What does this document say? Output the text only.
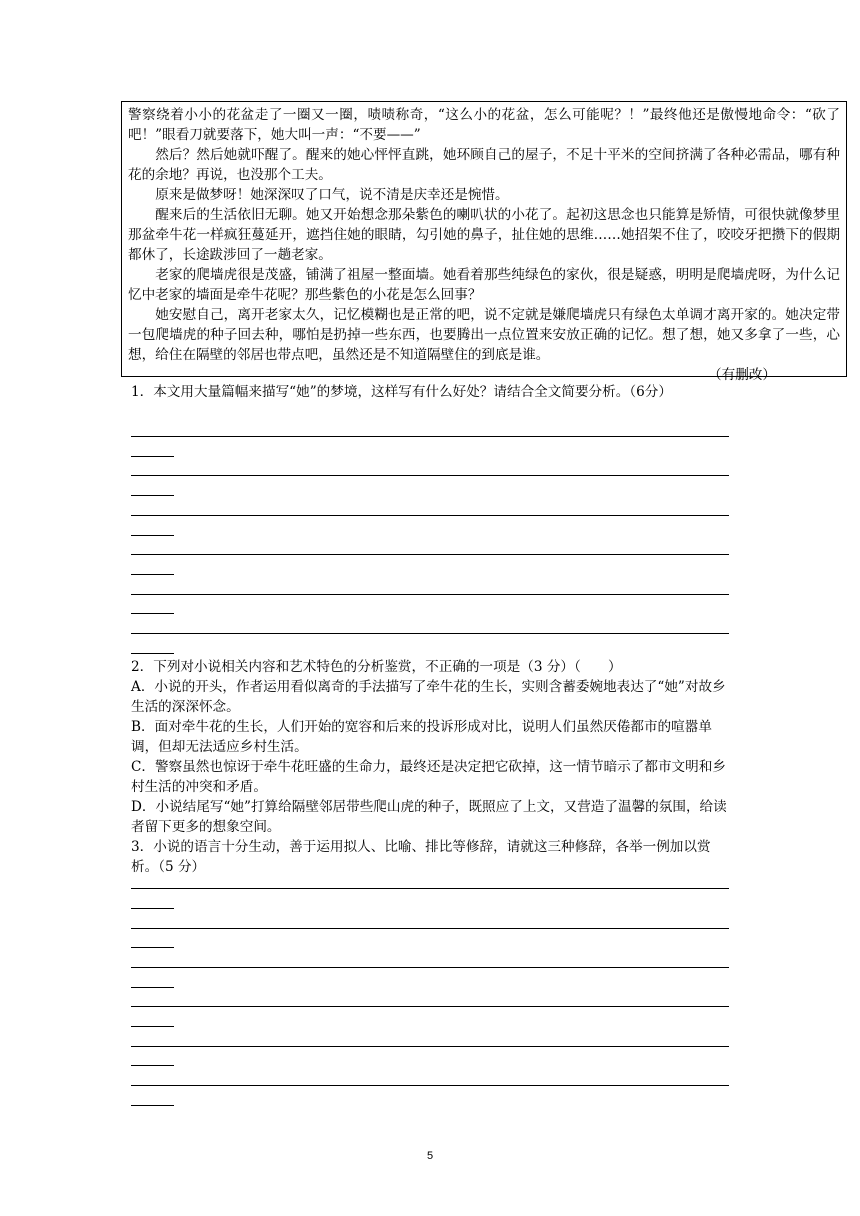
警察绕着小小的花盆走了一圈又一圈，啧啧称奇，“这么小的花盆，怎么可能呢？！”最终他还是傲慢地命令：“砍了吧！”眼看刀就要落下，她大叫一声：“不要——”

然后？然后她就吓醒了。醒来的她心怦怦直跳，她环顾自己的屋子，不足十平米的空间挤满了各种必需品，哪有种花的余地？再说，也没那个工夫。

原来是做梦呀！她深深叹了口气，说不清是庆幸还是惋惜。

醒来后的生活依旧无聊。她又开始想念那朵紫色的喇叭状的小花了。起初这思念也只能算是矫情，可很快就像梦里那盆牵牛花一样疯狂蔓延开，遮挡住她的眼睛，勾引她的鼻子，扯住她的思维……她招架不住了，咬咬牙把攒下的假期都休了，长途跋涉回了一趟老家。

老家的爬墙虎很是茂盛，铺满了祖屋一整面墙。她看着那些纯绿色的家伙，很是疑惑，明明是爬墙虎呀，为什么记忆中老家的墙面是牵牛花呢？那些紫色的小花是怎么回事？

她安慰自己，离开老家太久，记忆模糊也是正常的吧，说不定就是嫌爬墙虎只有绿色太单调才离开家的。她决定带一包爬墙虎的种子回去种，哪怕是扔掉一些东西，也要腾出一点位置来安放正确的记忆。想了想，她又多拿了一些，心想，给住在隔壁的邻居也带点吧，虽然还是不知道隔壁住的到底是谁。

（有删改）

1．本文用大量篇幅来描写“她”的梦境，这样写有什么好处？请结合全文简要分析。（6分）

2．下列对小说相关内容和艺术特色的分析鉴赏，不正确的一项是（3 分）（　　）
A．小说的开头，作者运用看似离奇的手法描写了牵牛花的生长，实则含蓄委婉地表达了“她”对故乡生活的深深怀念。
B．面对牵牛花的生长，人们开始的宽容和后来的投诉形成对比，说明人们虽然厌倦都市的喧嚣单调，但却无法适应乡村生活。
C．警察虽然也惊讶于牵牛花旺盛的生命力，最终还是决定把它砍掉，这一情节暗示了都市文明和乡村生活的冲突和矛盾。
D．小说结尾写“她”打算给隔壁邻居带些爬山虎的种子，既照应了上文，又营造了温馨的氛围，给读者留下更多的想象空间。
3．小说的语言十分生动，善于运用拟人、比喻、排比等修辞，请就这三种修辞，各举一例加以赏析。（5 分）
5
